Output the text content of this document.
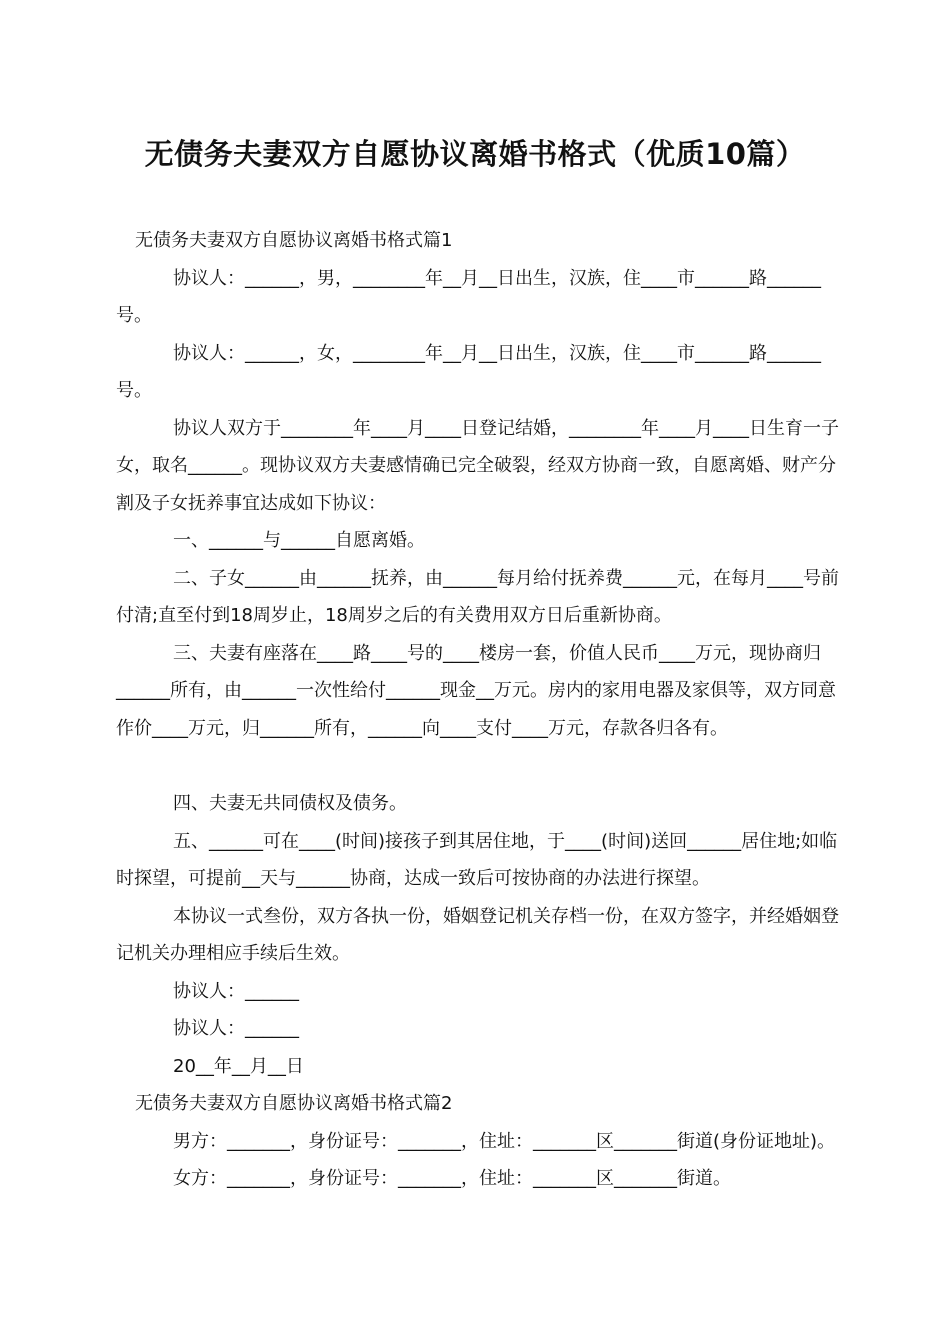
无债务夫妻双方自愿协议离婚书格式（优质10篇）

无债务夫妻双方自愿协议离婚书格式篇1

协议人：______，男，________年__月__日出生，汉族，住____市______路______号。

协议人：______，女，________年__月__日出生，汉族，住____市______路______号。

协议人双方于________年____月____日登记结婚，________年____月____日生育一子女，取名______。现协议双方夫妻感情确已完全破裂，经双方协商一致，自愿离婚、财产分割及子女抚养事宜达成如下协议：

一、______与______自愿离婚。

二、子女______由______抚养，由______每月给付抚养费______元，在每月____号前付清;直至付到18周岁止，18周岁之后的有关费用双方日后重新协商。

三、夫妻有座落在____路____号的____楼房一套，价值人民币____万元，现协商归______所有，由______一次性给付______现金__万元。房内的家用电器及家俱等，双方同意作价____万元，归______所有，______向____支付____万元，存款各归各有。

四、夫妻无共同债权及债务。

五、______可在____(时间)接孩子到其居住地，于____(时间)送回______居住地;如临时探望，可提前__天与______协商，达成一致后可按协商的办法进行探望。

本协议一式叁份，双方各执一份，婚姻登记机关存档一份，在双方签字，并经婚姻登记机关办理相应手续后生效。

协议人：______

协议人：______

20__年__月__日

无债务夫妻双方自愿协议离婚书格式篇2

男方：_______，身份证号：_______，住址：_______区_______街道(身份证地址)。

女方：_______，身份证号：_______，住址：_______区_______街道。
